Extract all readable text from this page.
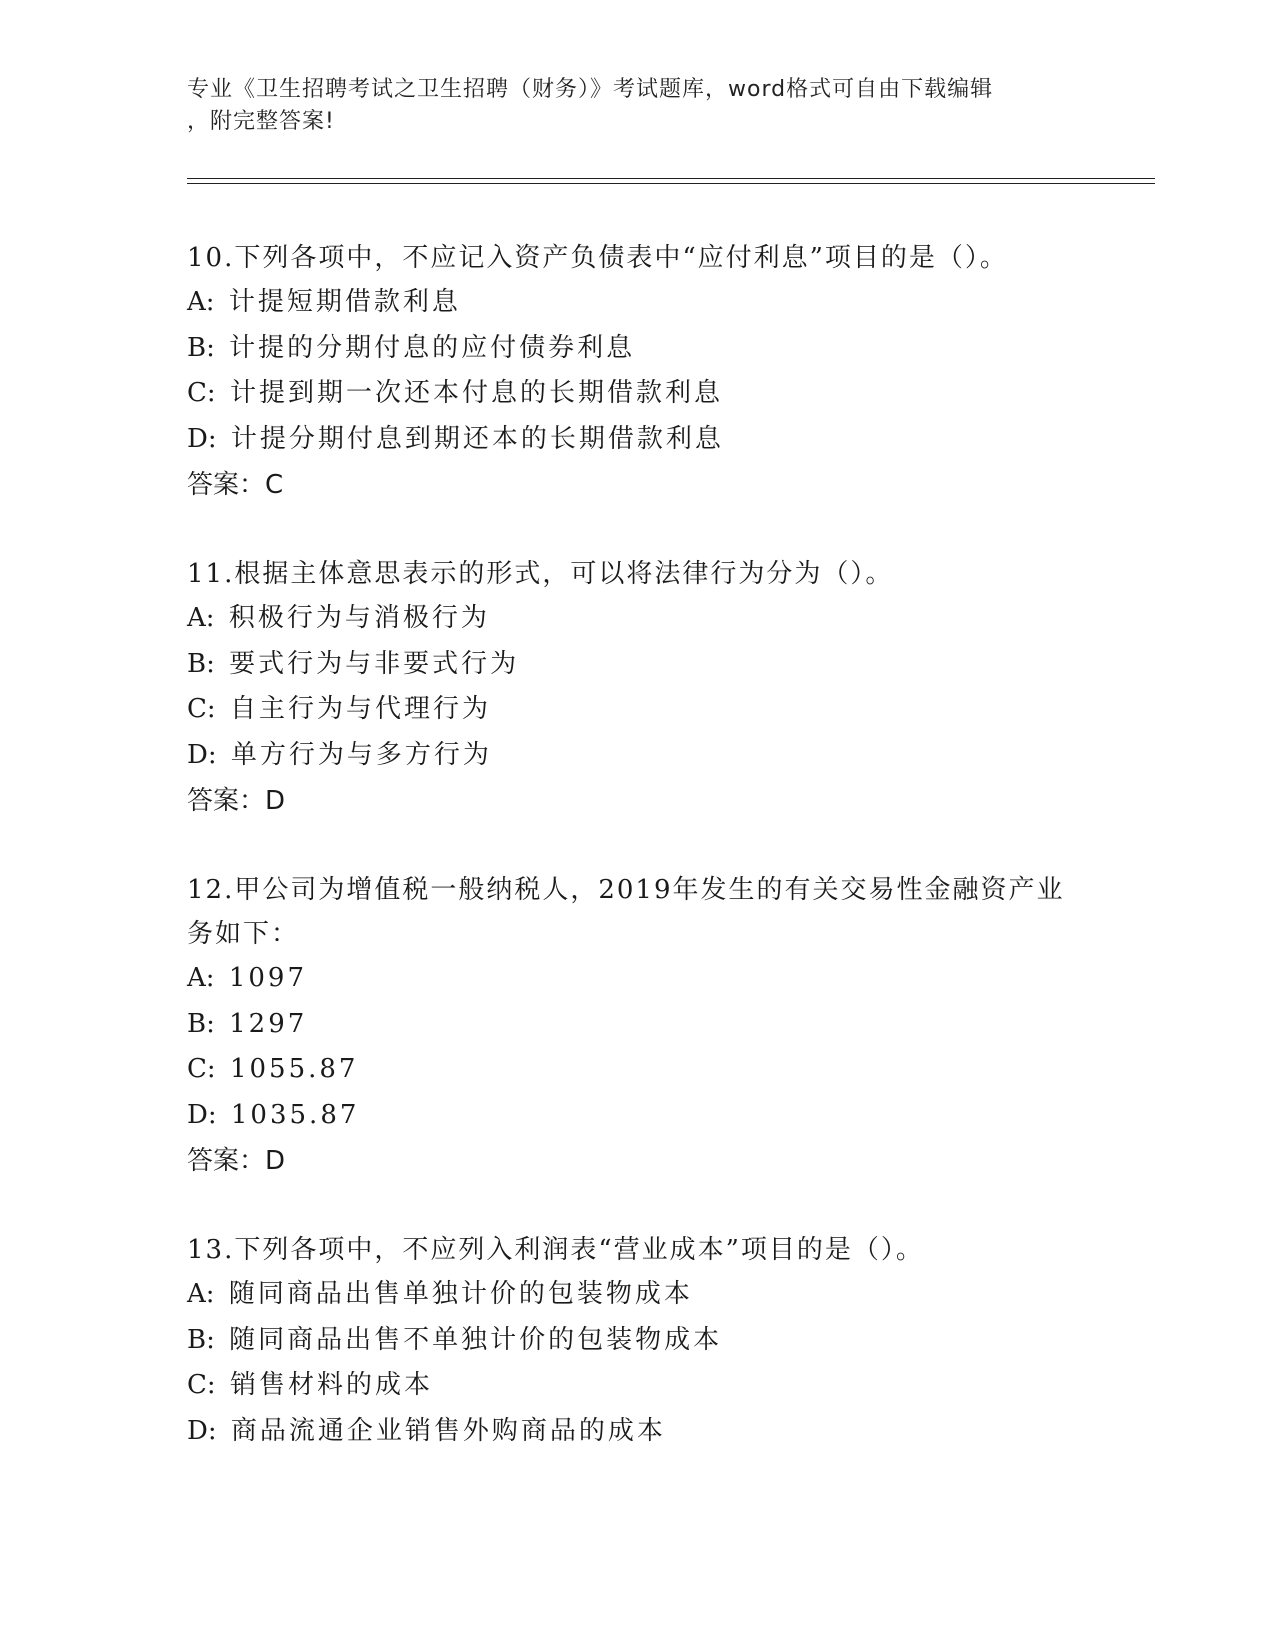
专业《卫生招聘考试之卫生招聘（财务）》考试题库，word格式可自由下载编辑
，附完整答案!

10.下列各项中，不应记入资产负债表中“应付利息”项目的是（）。

A: 计提短期借款利息

B: 计提的分期付息的应付债券利息

C: 计提到期一次还本付息的长期借款利息

D: 计提分期付息到期还本的长期借款利息

答案：C

11.根据主体意思表示的形式，可以将法律行为分为（）。

A: 积极行为与消极行为

B: 要式行为与非要式行为

C: 自主行为与代理行为

D: 单方行为与多方行为

答案：D

12.甲公司为增值税一般纳税人，2019年发生的有关交易性金融资产业务如下：

A: 1097

B: 1297

C: 1055.87

D: 1035.87

答案：D

13.下列各项中，不应列入利润表“营业成本”项目的是（）。

A: 随同商品出售单独计价的包装物成本

B: 随同商品出售不单独计价的包装物成本

C: 销售材料的成本

D: 商品流通企业销售外购商品的成本
